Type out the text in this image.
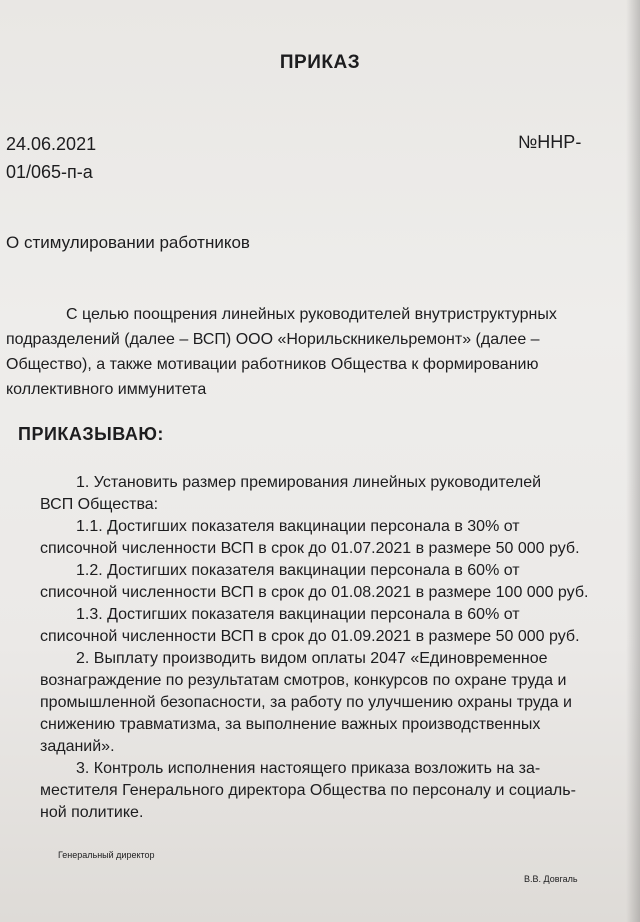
ПРИКАЗ
24.06.2021	№ННР-
01/065-п-а
О стимулировании работников
С целью поощрения линейных руководителей внутриструктурных
подразделений (далее – ВСП) ООО «Норильскникельремонт» (далее –
Общество), а также мотивации работников Общества к формированию
коллективного иммунитета
ПРИКАЗЫВАЮ:
1. Установить размер премирования линейных руководителей
ВСП Общества:
1.1. Достигших показателя вакцинации персонала в 30% от
списочной численности ВСП в срок до 01.07.2021 в размере 50 000 руб.
1.2. Достигших показателя вакцинации персонала в 60% от
списочной численности ВСП в срок до 01.08.2021 в размере 100 000 руб.
1.3. Достигших показателя вакцинации персонала в 60% от
списочной численности ВСП в срок до 01.09.2021 в размере 50 000 руб.
2. Выплату производить видом оплаты 2047 «Единовременное
вознаграждение по результатам смотров, конкурсов по охране труда и
промышленной безопасности, за работу по улучшению охраны труда и
снижению травматизма, за выполнение важных производственных
заданий».
3. Контроль исполнения настоящего приказа возложить на за-
местителя Генерального директора Общества по персоналу и социаль-
ной политике.
Генеральный директор
В.В. Довгаль
